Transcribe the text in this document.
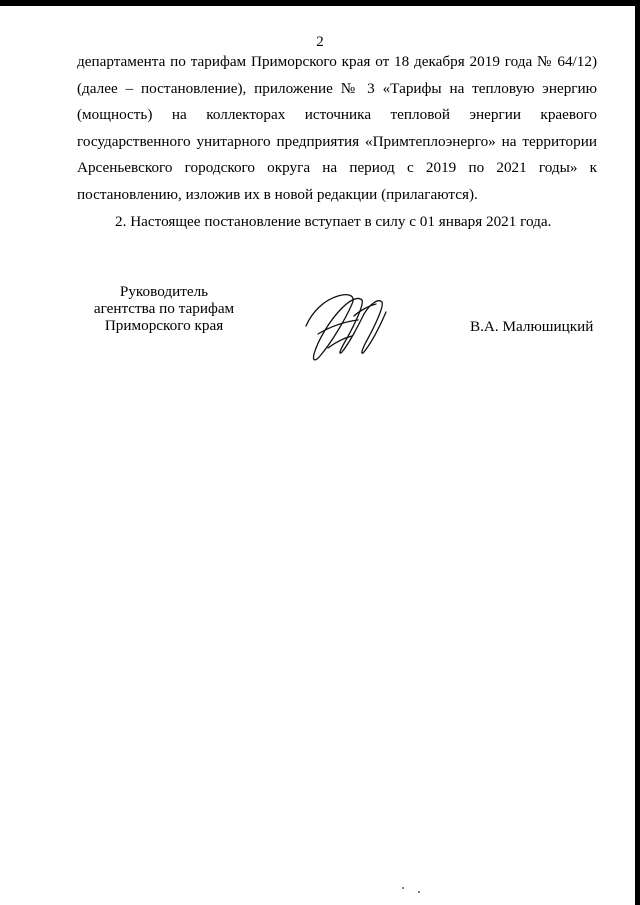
2

департамента по тарифам Приморского края от 18 декабря 2019 года № 64/12) (далее – постановление), приложение № 3 «Тарифы на тепловую энергию (мощность) на коллекторах источника тепловой энергии краевого государственного унитарного предприятия «Примтеплоэнерго» на территории Арсеньевского городского округа на период с 2019 по 2021 годы» к постановлению, изложив их в новой редакции (прилагаются).

2. Настоящее постановление вступает в силу с 01 января 2021 года.

Руководитель
агентства по тарифам
Приморского края	В.А. Малюшицкий
